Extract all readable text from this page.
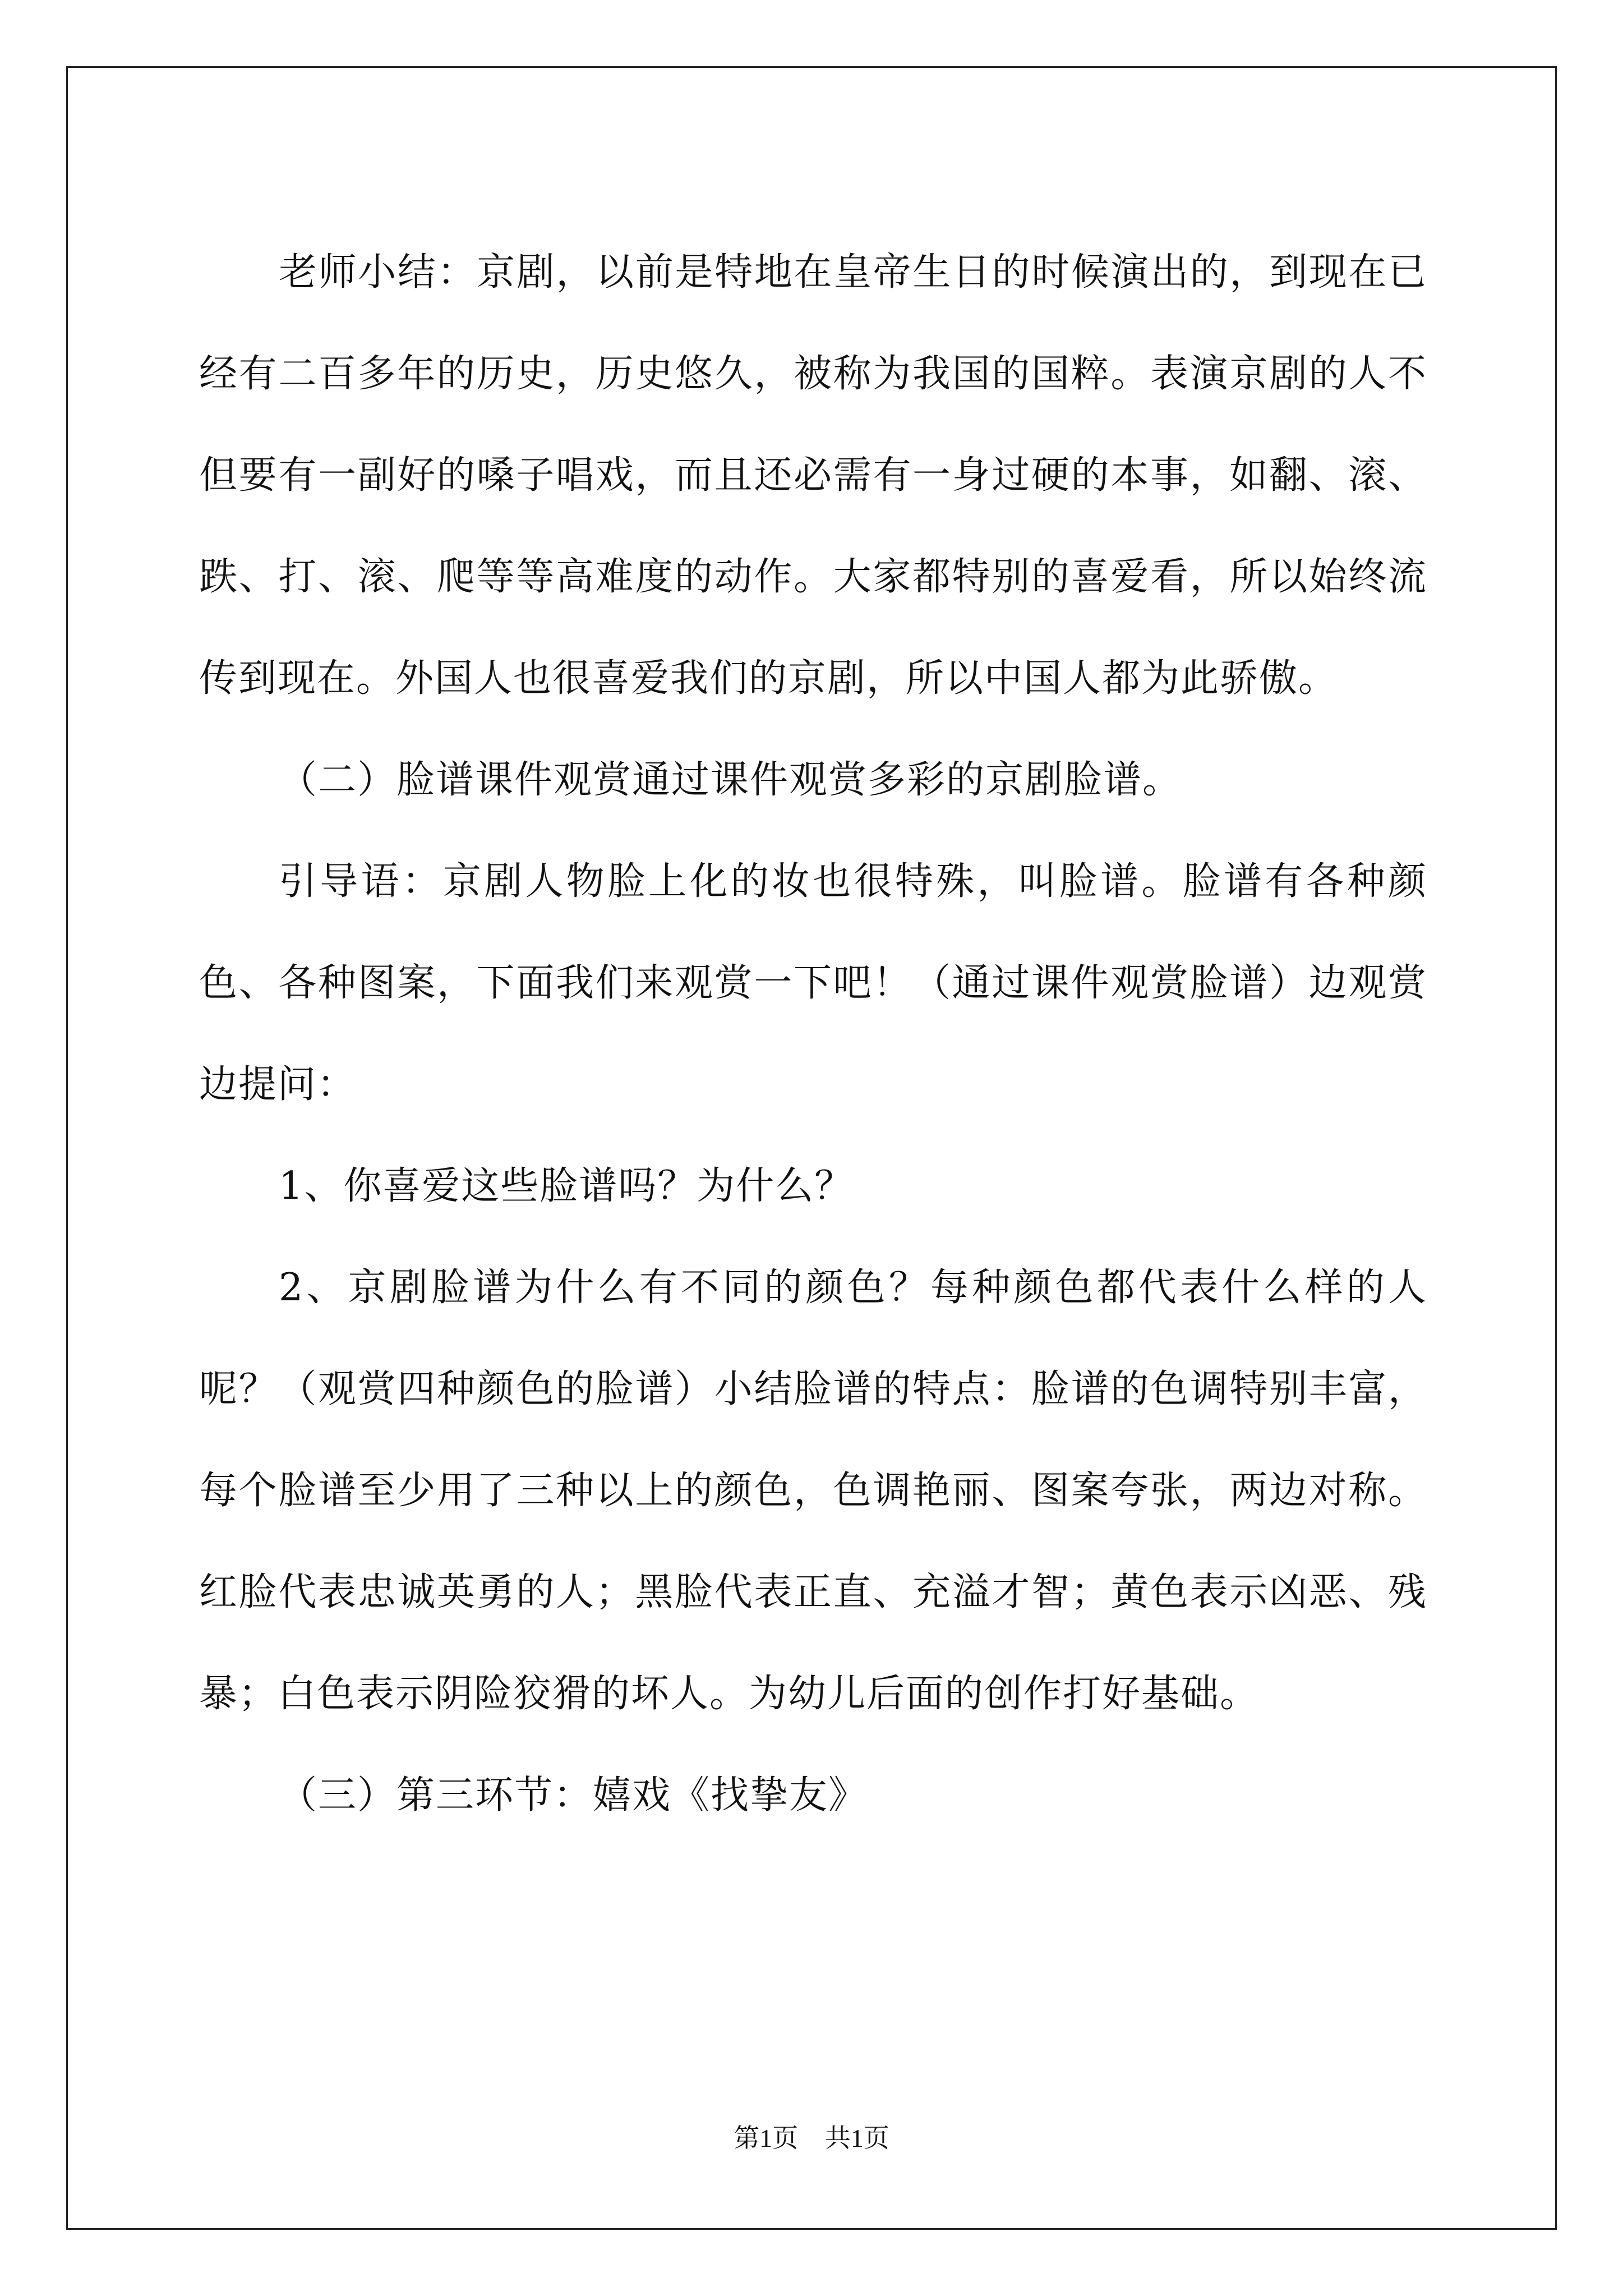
老师小结：京剧，以前是特地在皇帝生日的时候演出的，到现在已经有二百多年的历史，历史悠久，被称为我国的国粹。表演京剧的人不但要有一副好的嗓子唱戏，而且还必需有一身过硬的本事，如翻、滚、跌、打、滚、爬等等高难度的动作。大家都特别的喜爱看，所以始终流传到现在。外国人也很喜爱我们的京剧，所以中国人都为此骄傲。

（二）脸谱课件观赏通过课件观赏多彩的京剧脸谱。

引导语：京剧人物脸上化的妆也很特殊，叫脸谱。脸谱有各种颜色、各种图案，下面我们来观赏一下吧！（通过课件观赏脸谱）边观赏边提问：

1、你喜爱这些脸谱吗？为什么？

2、京剧脸谱为什么有不同的颜色？每种颜色都代表什么样的人呢？（观赏四种颜色的脸谱）小结脸谱的特点：脸谱的色调特别丰富，每个脸谱至少用了三种以上的颜色，色调艳丽、图案夸张，两边对称。红脸代表忠诚英勇的人；黑脸代表正直、充溢才智；黄色表示凶恶、残暴；白色表示阴险狡猾的坏人。为幼儿后面的创作打好基础。

（三）第三环节：嬉戏《找挚友》

第1页 共1页
